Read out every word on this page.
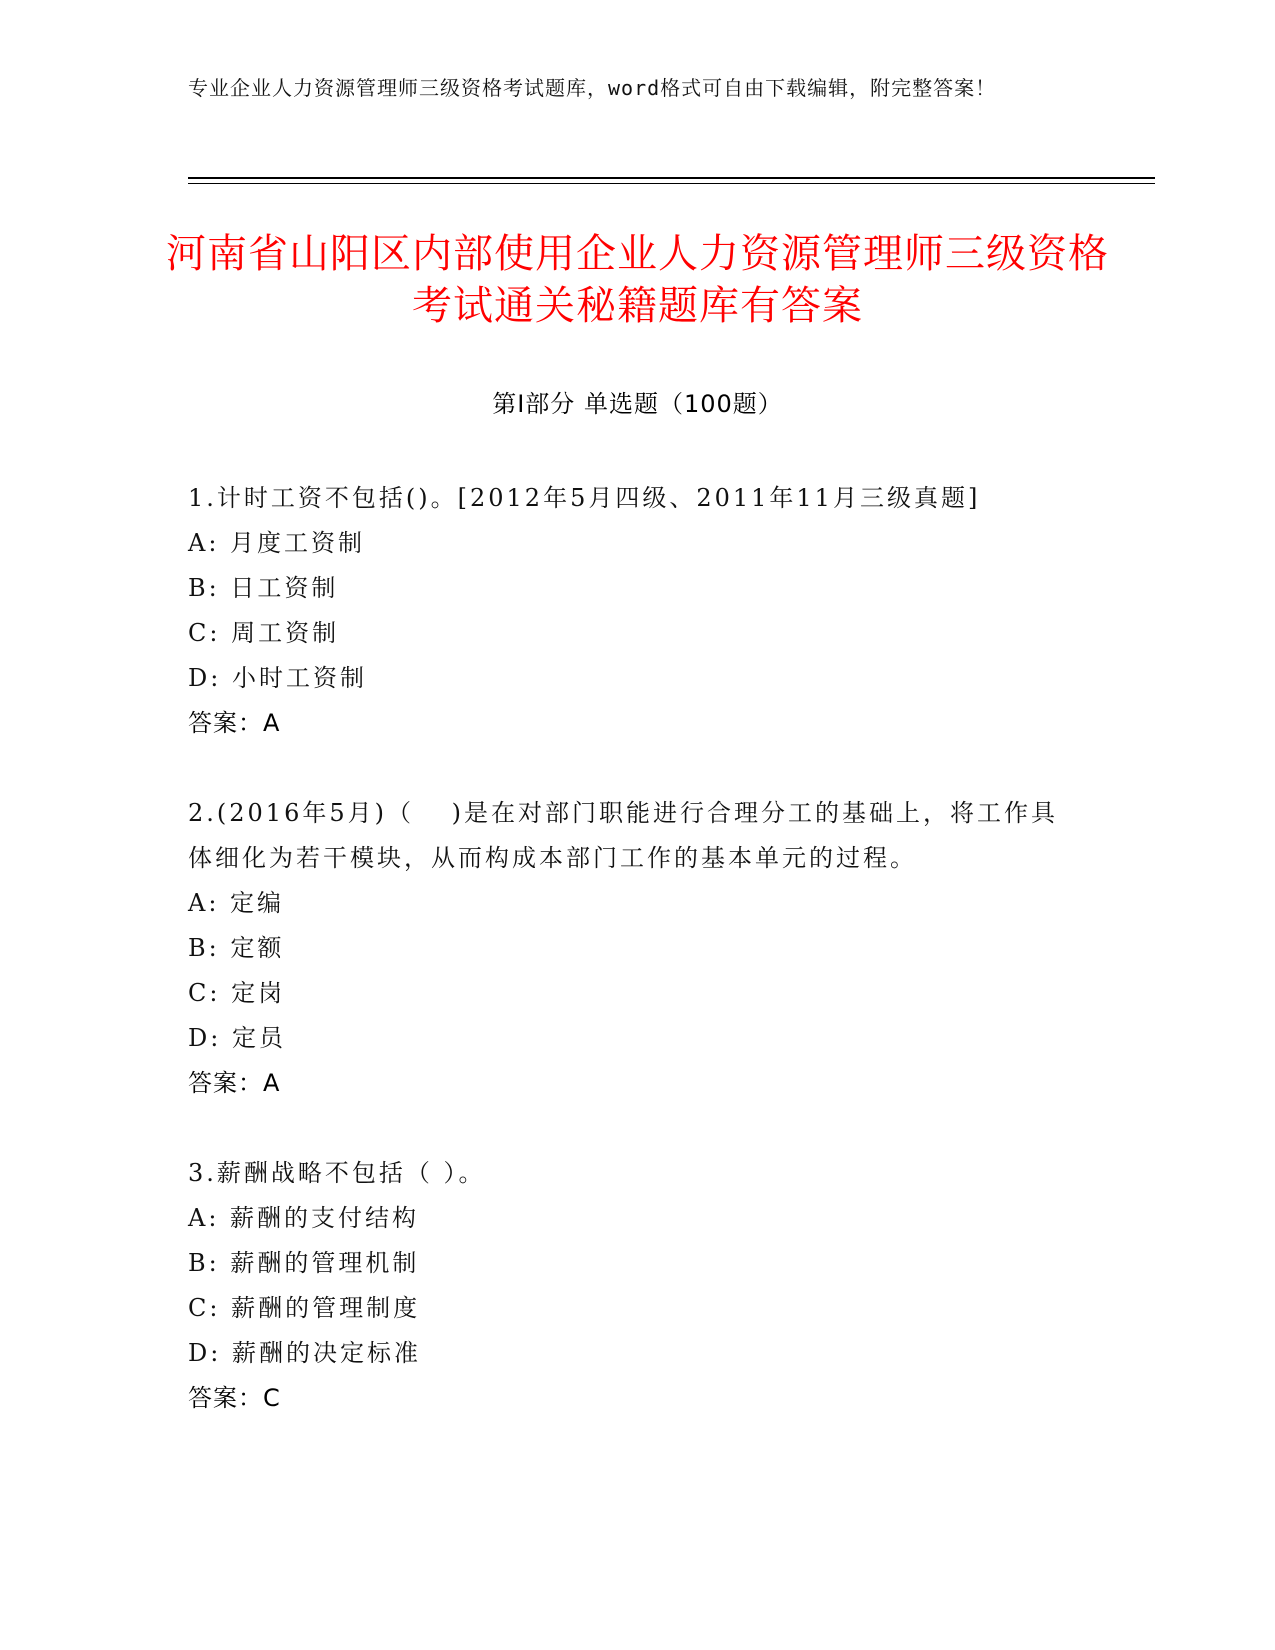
专业企业人力资源管理师三级资格考试题库，word格式可自由下载编辑，附完整答案！
河南省山阳区内部使用企业人力资源管理师三级资格考试通关秘籍题库有答案
第Ⅰ部分 单选题（100题）
1.计时工资不包括()。[2012年5月四级、2011年11月三级真题]
A: 月度工资制
B: 日工资制
C: 周工资制
D: 小时工资制
答案：A
2.(2016年5月)（　 )是在对部门职能进行合理分工的基础上，将工作具体细化为若干模块，从而构成本部门工作的基本单元的过程。
A: 定编
B: 定额
C: 定岗
D: 定员
答案：A
3.薪酬战略不包括（ ）。
A: 薪酬的支付结构
B: 薪酬的管理机制
C: 薪酬的管理制度
D: 薪酬的决定标准
答案：C
